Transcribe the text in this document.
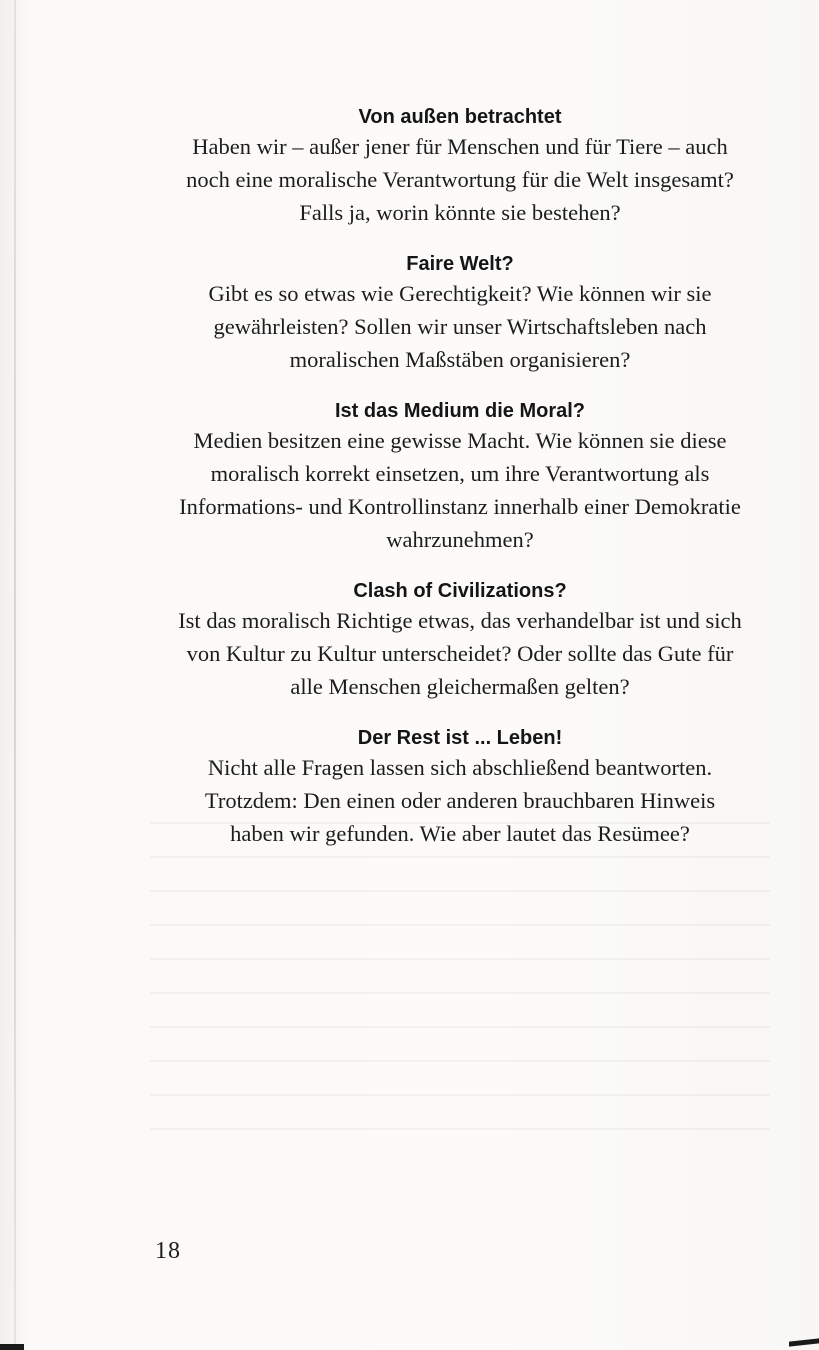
Von außen betrachtet

Haben wir – außer jener für Menschen und für Tiere – auch
noch eine moralische Verantwortung für die Welt insgesamt?
Falls ja, worin könnte sie bestehen?

Faire Welt?

Gibt es so etwas wie Gerechtigkeit? Wie können wir sie
gewährleisten? Sollen wir unser Wirtschaftsleben nach
moralischen Maßstäben organisieren?

Ist das Medium die Moral?

Medien besitzen eine gewisse Macht. Wie können sie diese
moralisch korrekt einsetzen, um ihre Verantwortung als
Informations- und Kontrollinstanz innerhalb einer Demokratie
wahrzunehmen?

Clash of Civilizations?

Ist das moralisch Richtige etwas, das verhandelbar ist und sich
von Kultur zu Kultur unterscheidet? Oder sollte das Gute für
alle Menschen gleichermaßen gelten?

Der Rest ist ... Leben!

Nicht alle Fragen lassen sich abschließend beantworten.
Trotzdem: Den einen oder anderen brauchbaren Hinweis
haben wir gefunden. Wie aber lautet das Resümee?

18
